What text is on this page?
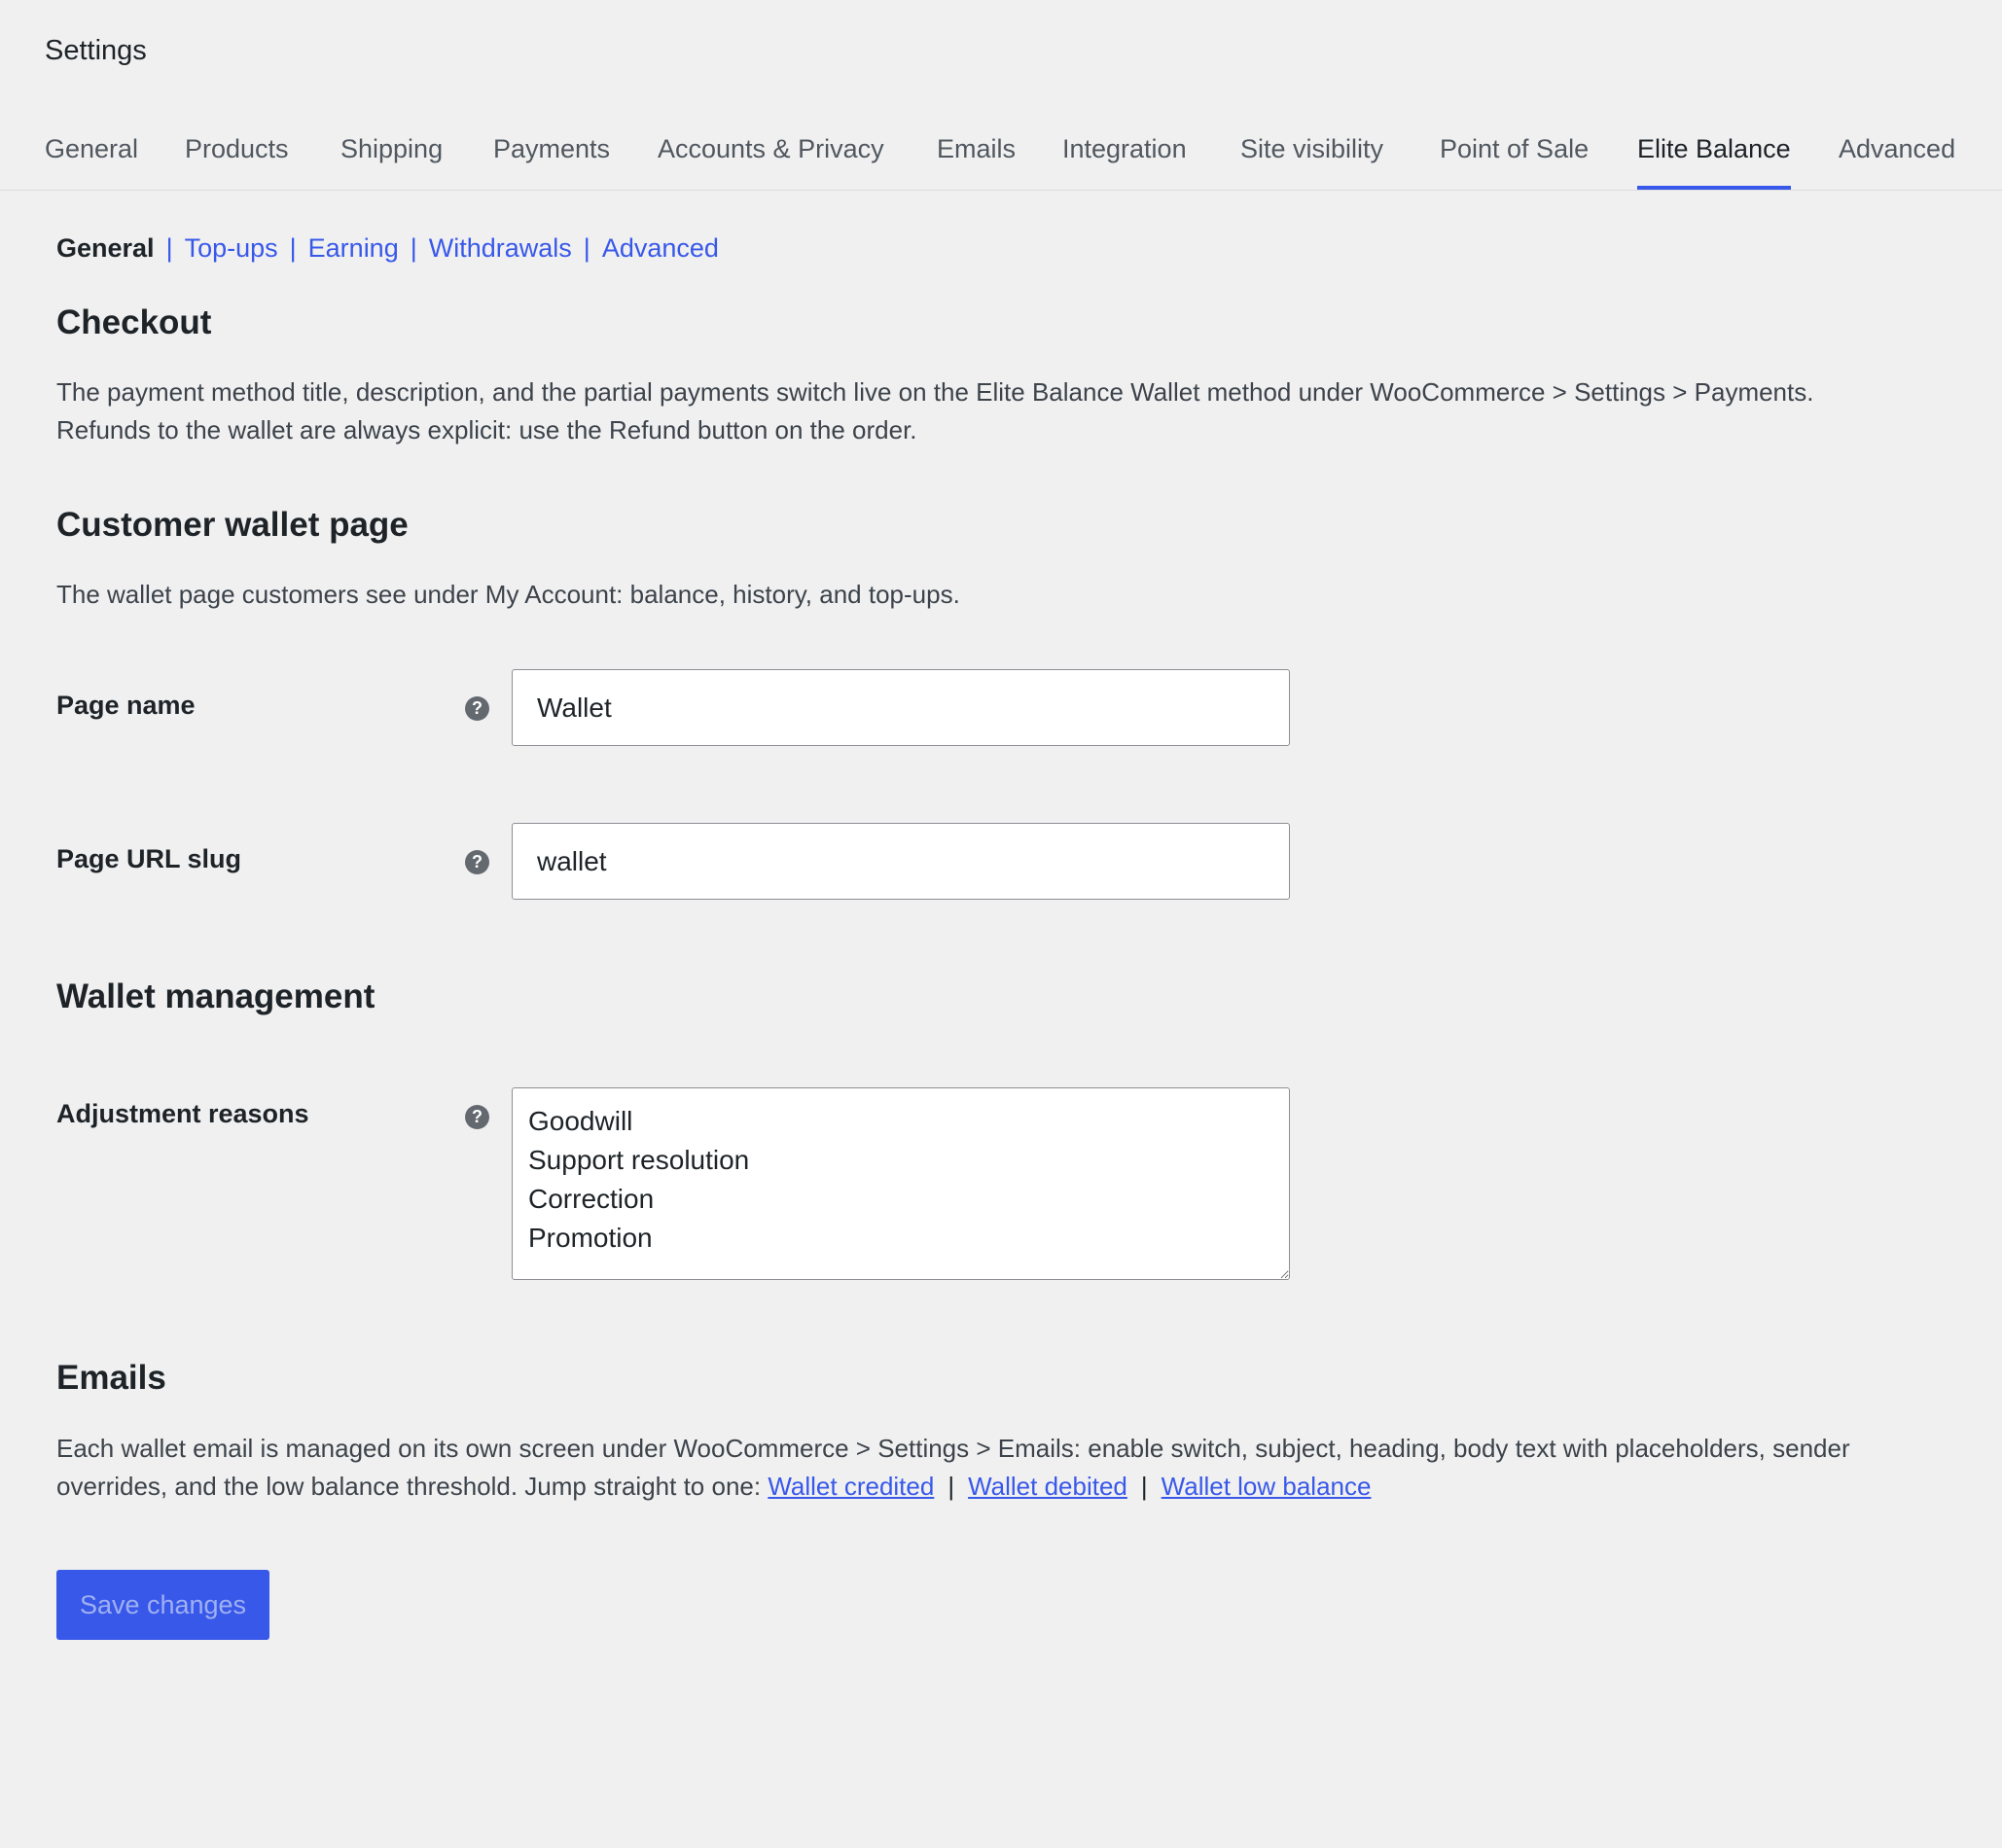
Settings
General Products Shipping Payments Accounts & Privacy Emails Integration Site visibility Point of Sale Elite Balance Advanced
General | Top-ups | Earning | Withdrawals | Advanced
Checkout

The payment method title, description, and the partial payments switch live on the Elite Balance Wallet method under WooCommerce > Settings > Payments.
Refunds to the wallet are always explicit: use the Refund button on the order.

Customer wallet page

The wallet page customers see under My Account: balance, history, and top-ups.

Page name	?
Wallet
Page URL slug	?
wallet
Wallet management
Adjustment reasons	?
Goodwill Support resolution Correction Promotion
Emails

Each wallet email is managed on its own screen under WooCommerce > Settings > Emails: enable switch, subject, heading, body text with placeholders, sender
overrides, and the low balance threshold. Jump straight to one: Wallet credited | Wallet debited | Wallet low balance

Save changes
